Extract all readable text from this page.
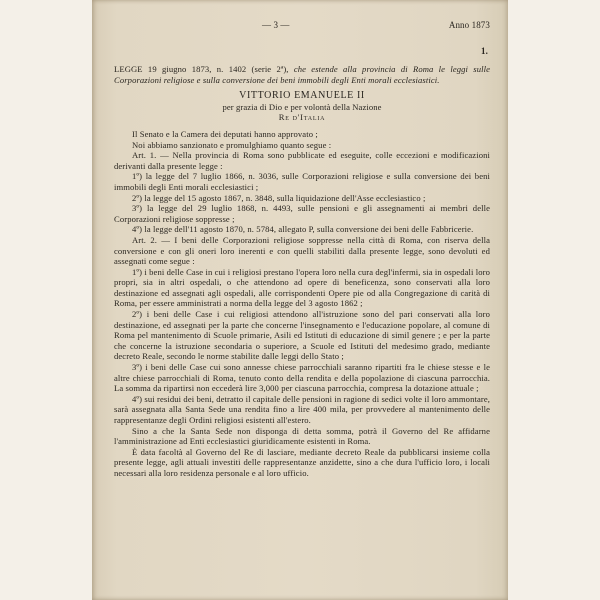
— 3 —	Anno 1873
1.
LEGGE 19 giugno 1873, n. 1402 (serie 2ª), che estende alla provincia di Roma le leggi sulle Corporazioni religiose e sulla conversione dei beni immobili degli Enti morali ecclesiastici.
VITTORIO EMANUELE II
per grazia di Dio e per volontà della Nazione
Re d'Italia

Il Senato e la Camera dei deputati hanno approvato ;

Noi abbiamo sanzionato e promulghiamo quanto segue :

Art. 1. — Nella provincia di Roma sono pubblicate ed eseguite, colle eccezioni e modificazioni derivanti dalla presente legge :

1º) la legge del 7 luglio 1866, n. 3036, sulle Corporazioni religiose e sulla conversione dei beni immobili degli Enti morali ecclesiastici ;

2º) la legge del 15 agosto 1867, n. 3848, sulla liquidazione dell'Asse ecclesiastico ;

3º) la legge del 29 luglio 1868, n. 4493, sulle pensioni e gli assegnamenti ai membri delle Corporazioni religiose soppresse ;

4º) la legge dell'11 agosto 1870, n. 5784, allegato P, sulla conversione dei beni delle Fabbricerie.

Art. 2. — I beni delle Corporazioni religiose soppresse nella città di Roma, con riserva della conversione e con gli oneri loro inerenti e con quelli stabiliti dalla presente legge, sono devoluti ed assegnati come segue :

1º) i beni delle Case in cui i religiosi prestano l'opera loro nella cura degl'infermi, sia in ospedali loro propri, sia in altri ospedali, o che attendono ad opere di beneficenza, sono conservati alla loro destinazione ed assegnati agli ospedali, alle corrispondenti Opere pie od alla Congregazione di carità di Roma, per essere amministrati a norma della legge del 3 agosto 1862 ;

2º) i beni delle Case i cui religiosi attendono all'istruzione sono del pari conservati alla loro destinazione, ed assegnati per la parte che concerne l'insegnamento e l'educazione popolare, al comune di Roma pel mantenimento di Scuole primarie, Asili ed Istituti di educazione di simil genere ; e per la parte che concerne la istruzione secondaria o superiore, a Scuole ed Istituti del medesimo grado, mediante decreto Reale, secondo le norme stabilite dalle leggi dello Stato ;

3º) i beni delle Case cui sono annesse chiese parrocchiali saranno ripartiti fra le chiese stesse e le altre chiese parrocchiali di Roma, tenuto conto della rendita e della popolazione di ciascuna parrocchia. La somma da ripartirsi non eccederà lire 3,000 per ciascuna parrocchia, compresa la dotazione attuale ;

4º) sui residui dei beni, detratto il capitale delle pensioni in ragione di sedici volte il loro ammontare, sarà assegnata alla Santa Sede una rendita fino a lire 400 mila, per provvedere al mantenimento delle rappresentanze degli Ordini religiosi esistenti all'estero.

Sino a che la Santa Sede non disponga di detta somma, potrà il Governo del Re affidarne l'amministrazione ad Enti ecclesiastici giuridicamente esistenti in Roma.

È data facoltà al Governo del Re di lasciare, mediante decreto Reale da pubblicarsi insieme colla presente legge, agli attuali investiti delle rappresentanze anzidette, sino a che dura l'ufficio loro, i locali necessari alla loro residenza personale e al loro ufficio.
